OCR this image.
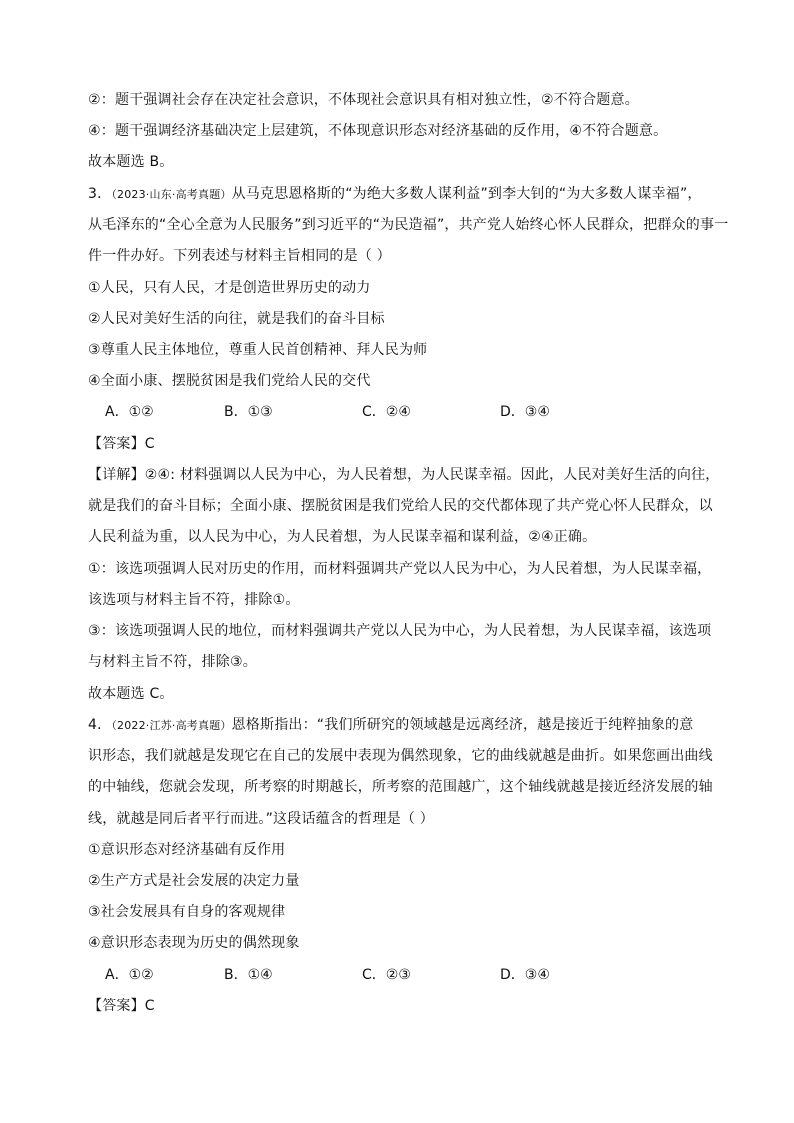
②：题干强调社会存在决定社会意识，不体现社会意识具有相对独立性，②不符合题意。
④：题干强调经济基础决定上层建筑，不体现意识形态对经济基础的反作用，④不符合题意。
故本题选 B。
3．（2023·山东·高考真题）从马克思恩格斯的“为绝大多数人谋利益”到李大钊的“为大多数人谋幸福”，
从毛泽东的“全心全意为人民服务”到习近平的“为民造福”，共产党人始终心怀人民群众，把群众的事一
件一件办好。下列表述与材料主旨相同的是（ ）
①人民，只有人民，才是创造世界历史的动力
②人民对美好生活的向往，就是我们的奋斗目标
③尊重人民主体地位，尊重人民首创精神、拜人民为师
④全面小康、摆脱贫困是我们党给人民的交代
A．①②	B．①③	C．②④	D．③④
【答案】C
【详解】②④: 材料强调以人民为中心，为人民着想，为人民谋幸福。因此，人民对美好生活的向往，
就是我们的奋斗目标；全面小康、摆脱贫困是我们党给人民的交代都体现了共产党心怀人民群众，以
人民利益为重，以人民为中心，为人民着想，为人民谋幸福和谋利益，②④正确。
①：该选项强调人民对历史的作用，而材料强调共产党以人民为中心，为人民着想，为人民谋幸福，
该选项与材料主旨不符，排除①。
③：该选项强调人民的地位，而材料强调共产党以人民为中心，为人民着想，为人民谋幸福，该选项
与材料主旨不符，排除③。
故本题选 C。
4．（2022·江苏·高考真题）恩格斯指出：“我们所研究的领域越是远离经济，越是接近于纯粹抽象的意
识形态，我们就越是发现它在自己的发展中表现为偶然现象，它的曲线就越是曲折。如果您画出曲线
的中轴线，您就会发现，所考察的时期越长，所考察的范围越广，这个轴线就越是接近经济发展的轴
线，就越是同后者平行而进。”这段话蕴含的哲理是（ ）
①意识形态对经济基础有反作用
②生产方式是社会发展的决定力量
③社会发展具有自身的客观规律
④意识形态表现为历史的偶然现象
A．①②	B．①④	C．②③	D．③④
【答案】C
